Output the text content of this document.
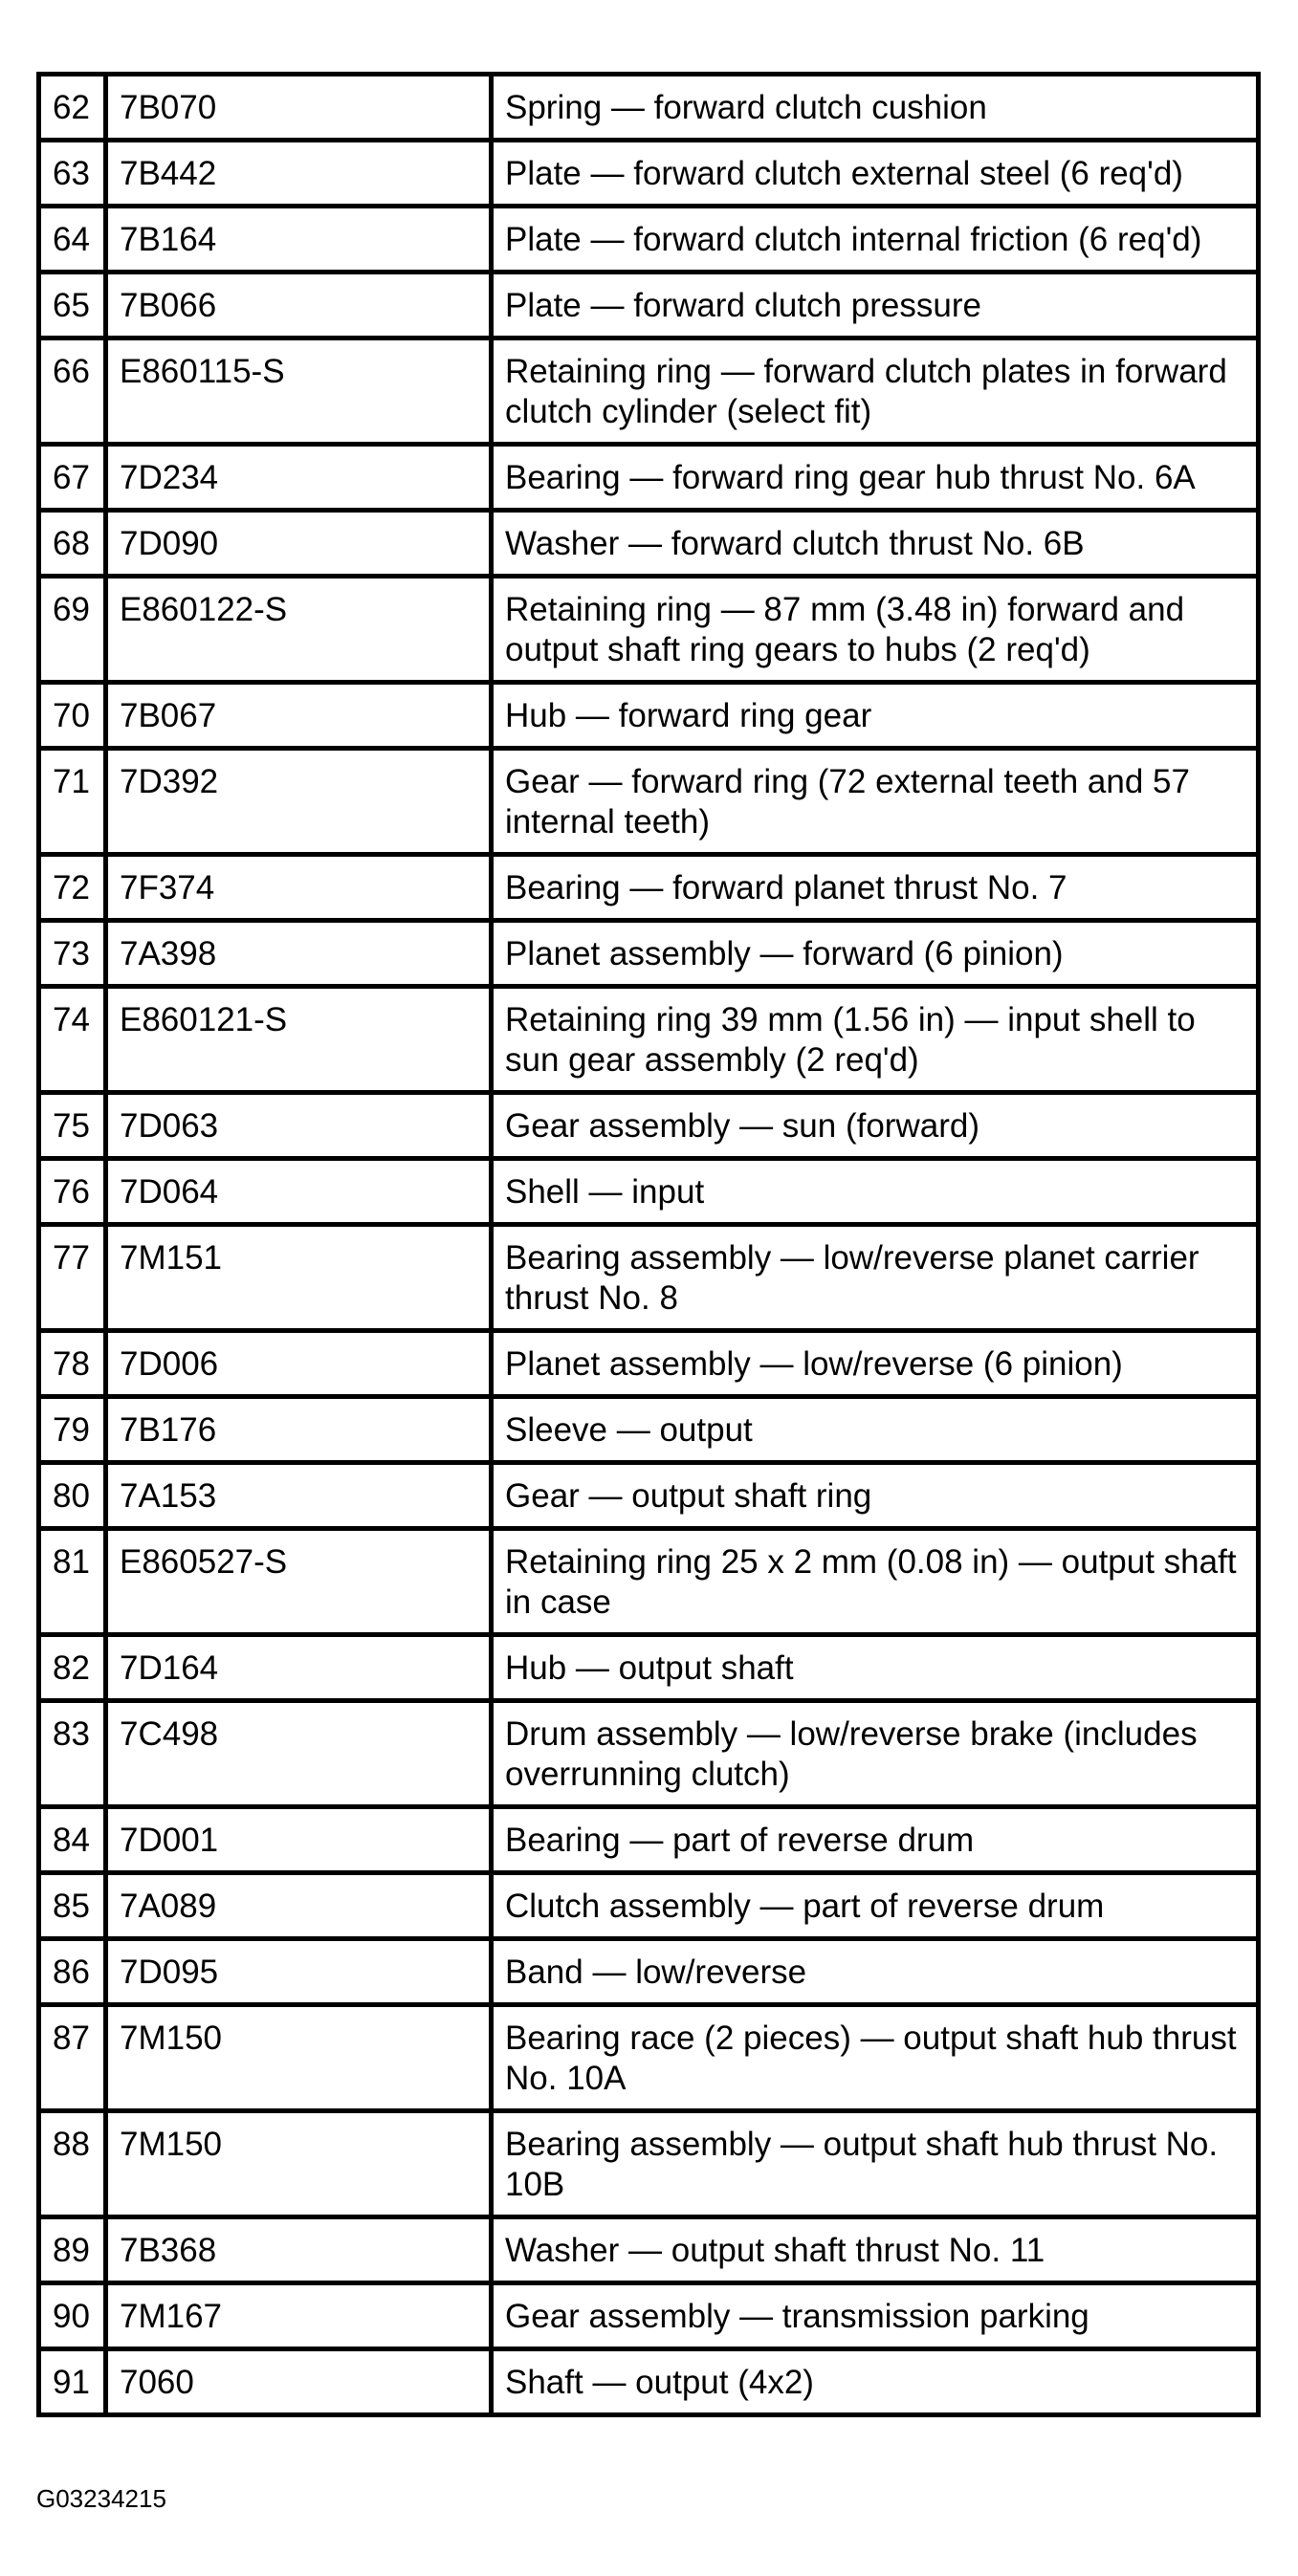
62	7B070	Spring — forward clutch cushion
63	7B442	Plate — forward clutch external steel (6 req'd)
64	7B164	Plate — forward clutch internal friction (6 req'd)
65	7B066	Plate — forward clutch pressure
66	E860115-S	Retaining ring — forward clutch plates in forward clutch cylinder (select fit)
67	7D234	Bearing — forward ring gear hub thrust No. 6A
68	7D090	Washer — forward clutch thrust No. 6B
69	E860122-S	Retaining ring — 87 mm (3.48 in) forward and output shaft ring gears to hubs (2 req'd)
70	7B067	Hub — forward ring gear
71	7D392	Gear — forward ring (72 external teeth and 57 internal teeth)
72	7F374	Bearing — forward planet thrust No. 7
73	7A398	Planet assembly — forward (6 pinion)
74	E860121-S	Retaining ring 39 mm (1.56 in) — input shell to sun gear assembly (2 req'd)
75	7D063	Gear assembly — sun (forward)
76	7D064	Shell — input
77	7M151	Bearing assembly — low/reverse planet carrier thrust No. 8
78	7D006	Planet assembly — low/reverse (6 pinion)
79	7B176	Sleeve — output
80	7A153	Gear — output shaft ring
81	E860527-S	Retaining ring 25 x 2 mm (0.08 in) — output shaft in case
82	7D164	Hub — output shaft
83	7C498	Drum assembly — low/reverse brake (includes overrunning clutch)
84	7D001	Bearing — part of reverse drum
85	7A089	Clutch assembly — part of reverse drum
86	7D095	Band — low/reverse
87	7M150	Bearing race (2 pieces) — output shaft hub thrust No. 10A
88	7M150	Bearing assembly — output shaft hub thrust No. 10B
89	7B368	Washer — output shaft thrust No. 11
90	7M167	Gear assembly — transmission parking
91	7060	Shaft — output (4x2)
G03234215
